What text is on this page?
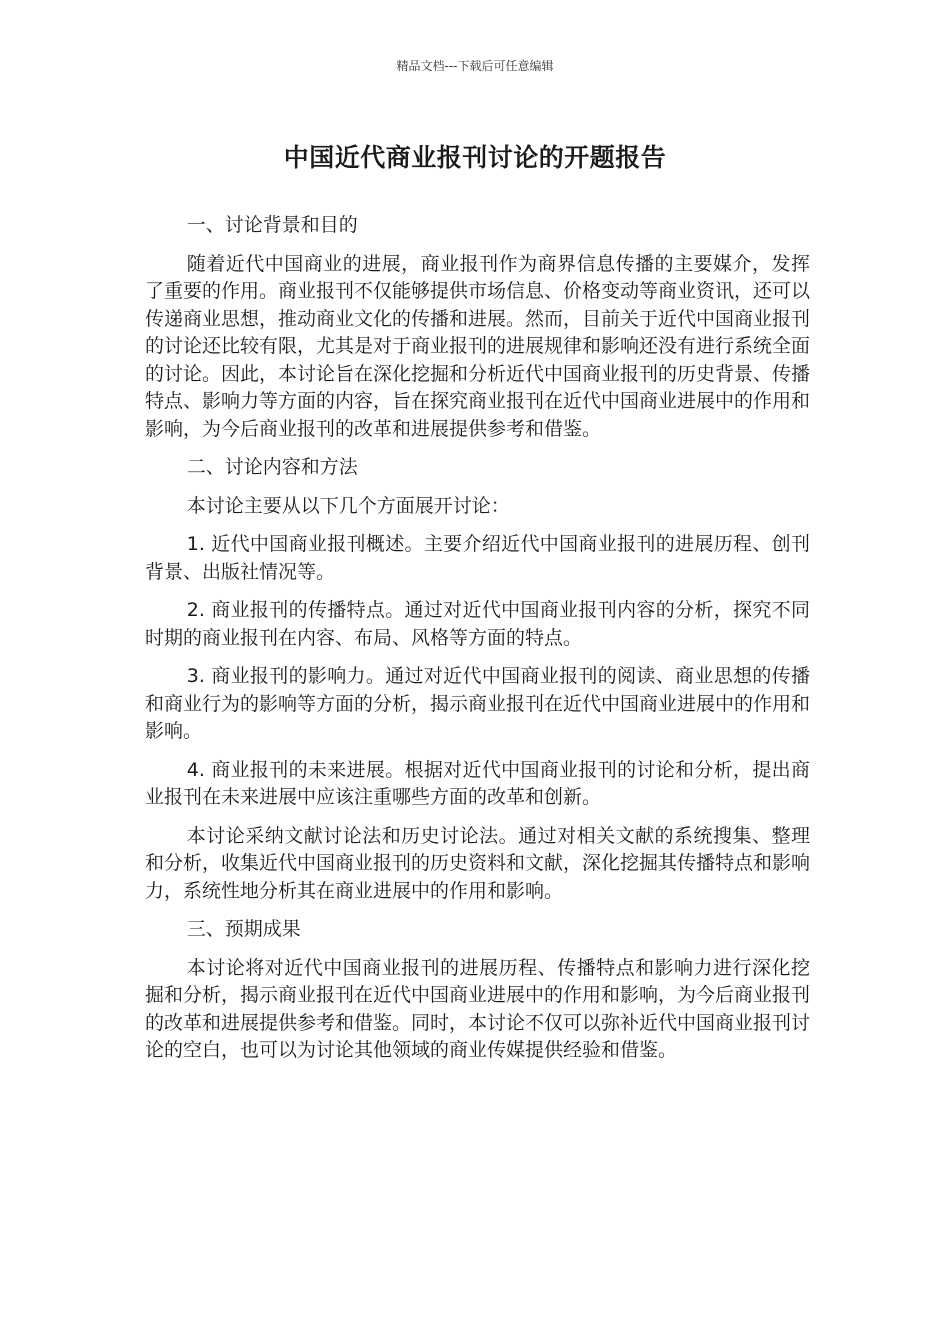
精品文档---下载后可任意编辑
中国近代商业报刊讨论的开题报告

一、讨论背景和目的

随着近代中国商业的进展，商业报刊作为商界信息传播的主要媒介，发挥了重要的作用。商业报刊不仅能够提供市场信息、价格变动等商业资讯，还可以传递商业思想，推动商业文化的传播和进展。然而，目前关于近代中国商业报刊的讨论还比较有限，尤其是对于商业报刊的进展规律和影响还没有进行系统全面的讨论。因此，本讨论旨在深化挖掘和分析近代中国商业报刊的历史背景、传播特点、影响力等方面的内容，旨在探究商业报刊在近代中国商业进展中的作用和影响，为今后商业报刊的改革和进展提供参考和借鉴。

二、讨论内容和方法

本讨论主要从以下几个方面展开讨论：

1. 近代中国商业报刊概述。主要介绍近代中国商业报刊的进展历程、创刊背景、出版社情况等。

2. 商业报刊的传播特点。通过对近代中国商业报刊内容的分析，探究不同时期的商业报刊在内容、布局、风格等方面的特点。

3. 商业报刊的影响力。通过对近代中国商业报刊的阅读、商业思想的传播和商业行为的影响等方面的分析，揭示商业报刊在近代中国商业进展中的作用和影响。

4. 商业报刊的未来进展。根据对近代中国商业报刊的讨论和分析，提出商业报刊在未来进展中应该注重哪些方面的改革和创新。

本讨论采纳文献讨论法和历史讨论法。通过对相关文献的系统搜集、整理和分析，收集近代中国商业报刊的历史资料和文献，深化挖掘其传播特点和影响力，系统性地分析其在商业进展中的作用和影响。

三、预期成果

本讨论将对近代中国商业报刊的进展历程、传播特点和影响力进行深化挖掘和分析，揭示商业报刊在近代中国商业进展中的作用和影响，为今后商业报刊的改革和进展提供参考和借鉴。同时，本讨论不仅可以弥补近代中国商业报刊讨论的空白，也可以为讨论其他领域的商业传媒提供经验和借鉴。
